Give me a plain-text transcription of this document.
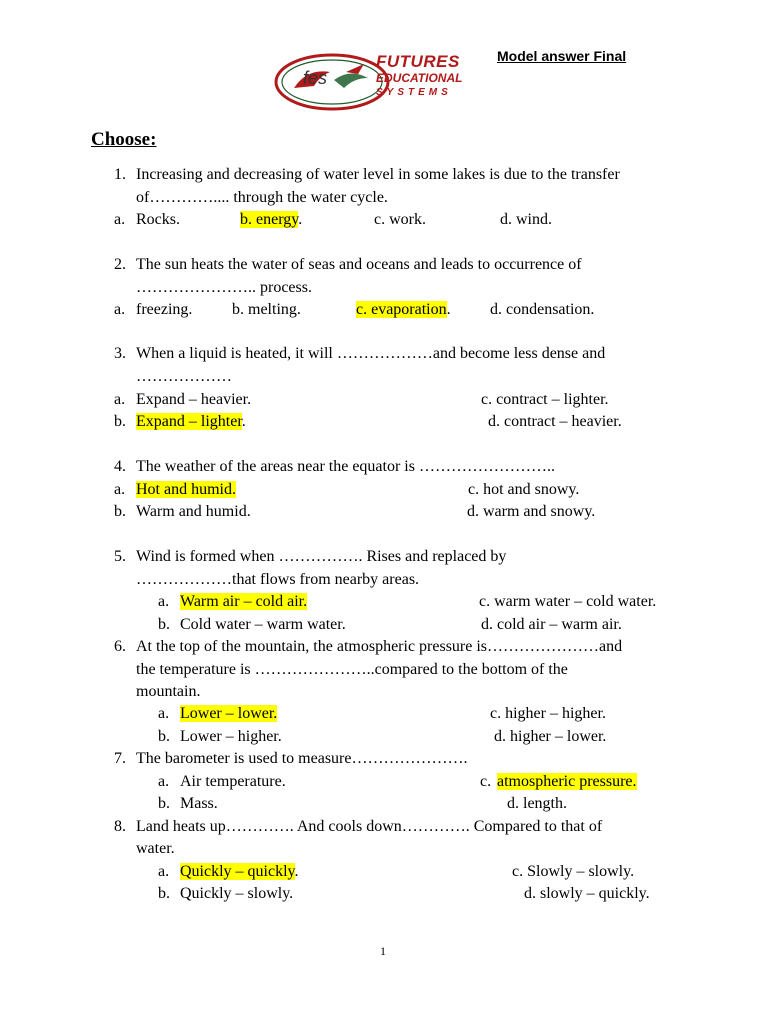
fes
FUTURES
EDUCATIONAL
SYSTEMS
Model answer Final
Choose:
1. Increasing and decreasing of water level in some lakes is due to the transfer
of………….... through the water cycle.
a. Rocks.	b. energy.	c. work.	d. wind.
2. The sun heats the water of seas and oceans and leads to occurrence of
………………….. process.
a. freezing. b. melting.	c. evaporation. d. condensation.
3. When a liquid is heated, it will ………………and become less dense and
………………
a. Expand – heavier.	c. contract – lighter.
b. Expand – lighter.	d. contract – heavier.
4. The weather of the areas near the equator is ……………………..
a. Hot and humid.	c. hot and snowy.
b. Warm and humid.	d. warm and snowy.
5. Wind is formed when ……………. Rises and replaced by
………………that flows from nearby areas.
a. Warm air – cold air.	c. warm water – cold water.
b. Cold water – warm water.	d. cold air – warm air.
6. At the top of the mountain, the atmospheric pressure is…………………and
the temperature is …………………..compared to the bottom of the
mountain.
a. Lower – lower.	c. higher – higher.
b. Lower – higher.	d. higher – lower.
7. The barometer is used to measure………………….
a. Air temperature.	c. atmospheric pressure.
b. Mass.	d. length.
8. Land heats up…………. And cools down…………. Compared to that of
water.
a. Quickly – quickly.	c. Slowly – slowly.
b. Quickly – slowly.	d. slowly – quickly.
1
